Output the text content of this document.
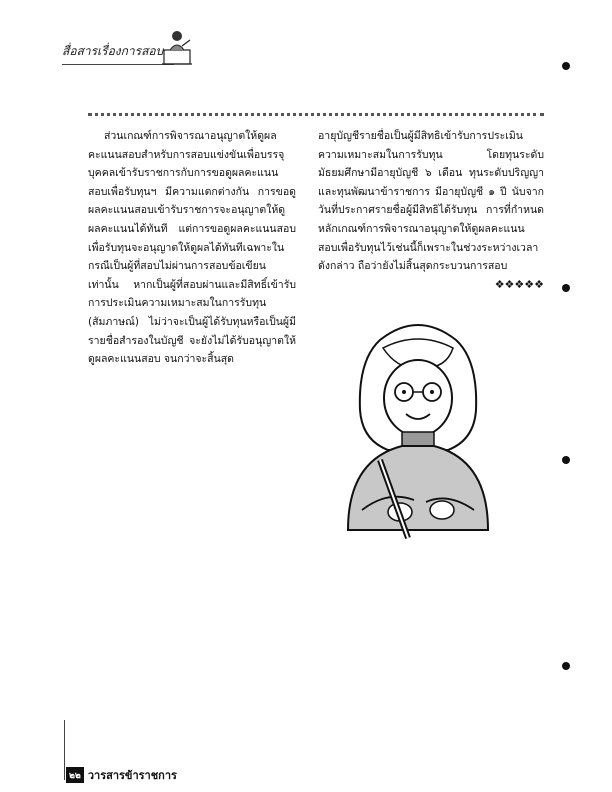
สื่อสารเรื่องการสอบ

ส่วนเกณฑ์การพิจารณาอนุญาตให้ดูผลคะแนนสอบสำหรับการสอบแข่งขันเพื่อบรรจุบุคคลเข้ารับราชการกับการขอดูผลคะแนนสอบเพื่อรับทุนฯ มีความแตกต่างกัน การขอดูผลคะแนนสอบเข้ารับราชการจะอนุญาตให้ดูผลคะแนนได้ทันที แต่การขอดูผลคะแนนสอบเพื่อรับทุนจะอนุญาตให้ดูผลได้ทันทีเฉพาะในกรณีเป็นผู้ที่สอบไม่ผ่านการสอบข้อเขียนเท่านั้น หากเป็นผู้ที่สอบผ่านและมีสิทธิ์เข้ารับการประเมินความเหมาะสมในการรับทุน (สัมภาษณ์) ไม่ว่าจะเป็นผู้ได้รับทุนหรือเป็นผู้มีรายชื่อสำรองในบัญชี จะยังไม่ได้รับอนุญาตให้ดูผลคะแนนสอบ จนกว่าจะสิ้นสุด

อายุบัญชีรายชื่อเป็นผู้มีสิทธิเข้ารับการประเมินความเหมาะสมในการรับทุน โดยทุนระดับมัธยมศึกษามีอายุบัญชี ๖ เดือน ทุนระดับปริญญาและทุนพัฒนาข้าราชการ มีอายุบัญชี ๑ ปี นับจากวันที่ประกาศรายชื่อผู้มีสิทธิได้รับทุน การที่กำหนดหลักเกณฑ์การพิจารณาอนุญาตให้ดูผลคะแนนสอบเพื่อรับทุนไว้เช่นนี้ก็เพราะในช่วงระหว่างเวลาดังกล่าว ถือว่ายังไม่สิ้นสุดกระบวนการสอบ

❖❖❖❖❖
๒๒ วารสารข้าราชการ
